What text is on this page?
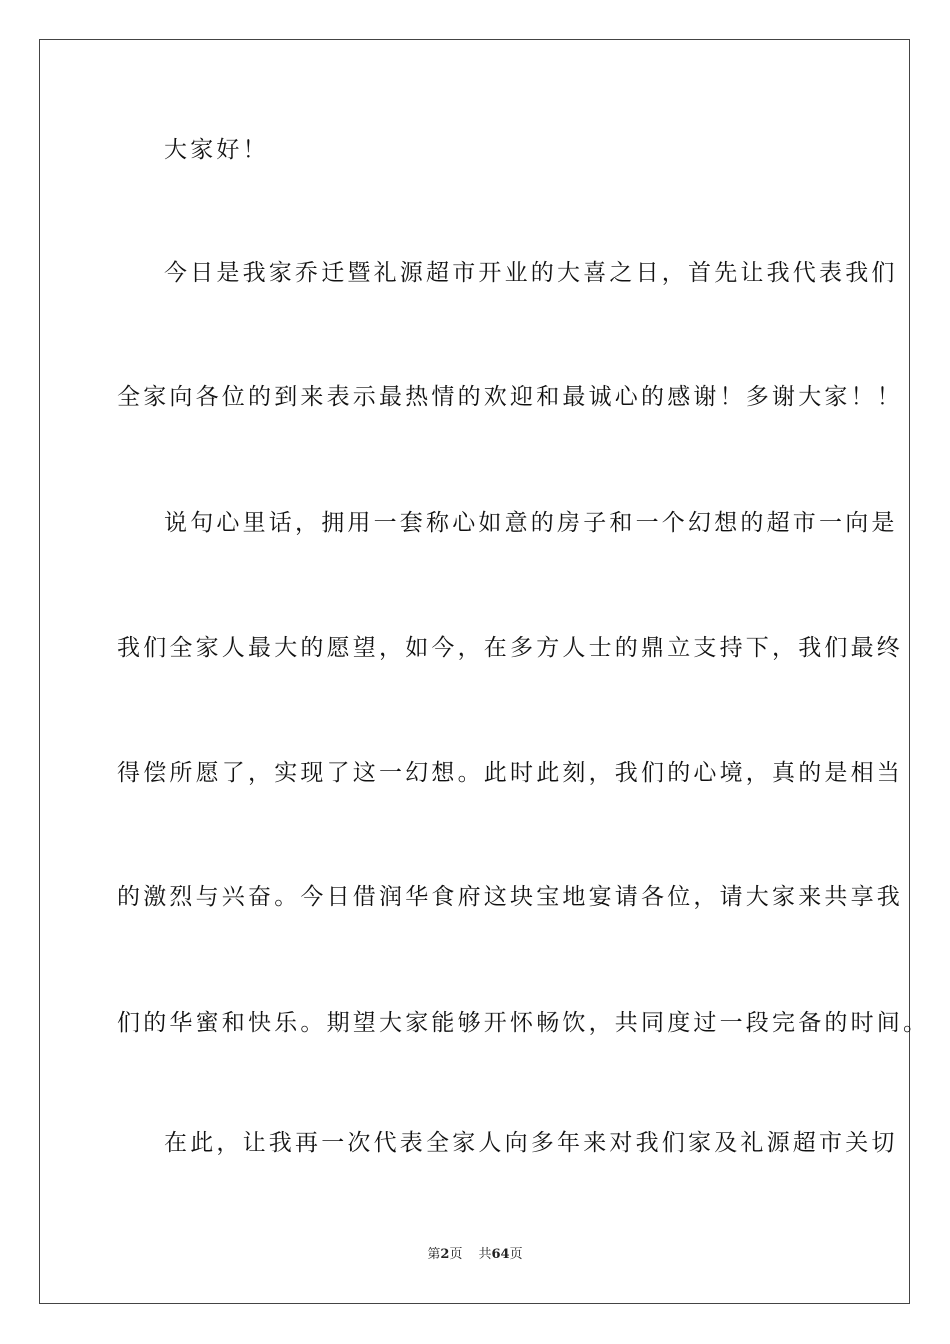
大家好！
今日是我家乔迁暨礼源超市开业的大喜之日，首先让我代表我们
全家向各位的到来表示最热情的欢迎和最诚心的感谢！多谢大家！！
说句心里话，拥用一套称心如意的房子和一个幻想的超市一向是
我们全家人最大的愿望，如今，在多方人士的鼎立支持下，我们最终
得偿所愿了，实现了这一幻想。此时此刻，我们的心境，真的是相当
的激烈与兴奋。今日借润华食府这块宝地宴请各位，请大家来共享我
们的华蜜和快乐。期望大家能够开怀畅饮，共同度过一段完备的时间。
在此，让我再一次代表全家人向多年来对我们家及礼源超市关切
第2页 共64页
